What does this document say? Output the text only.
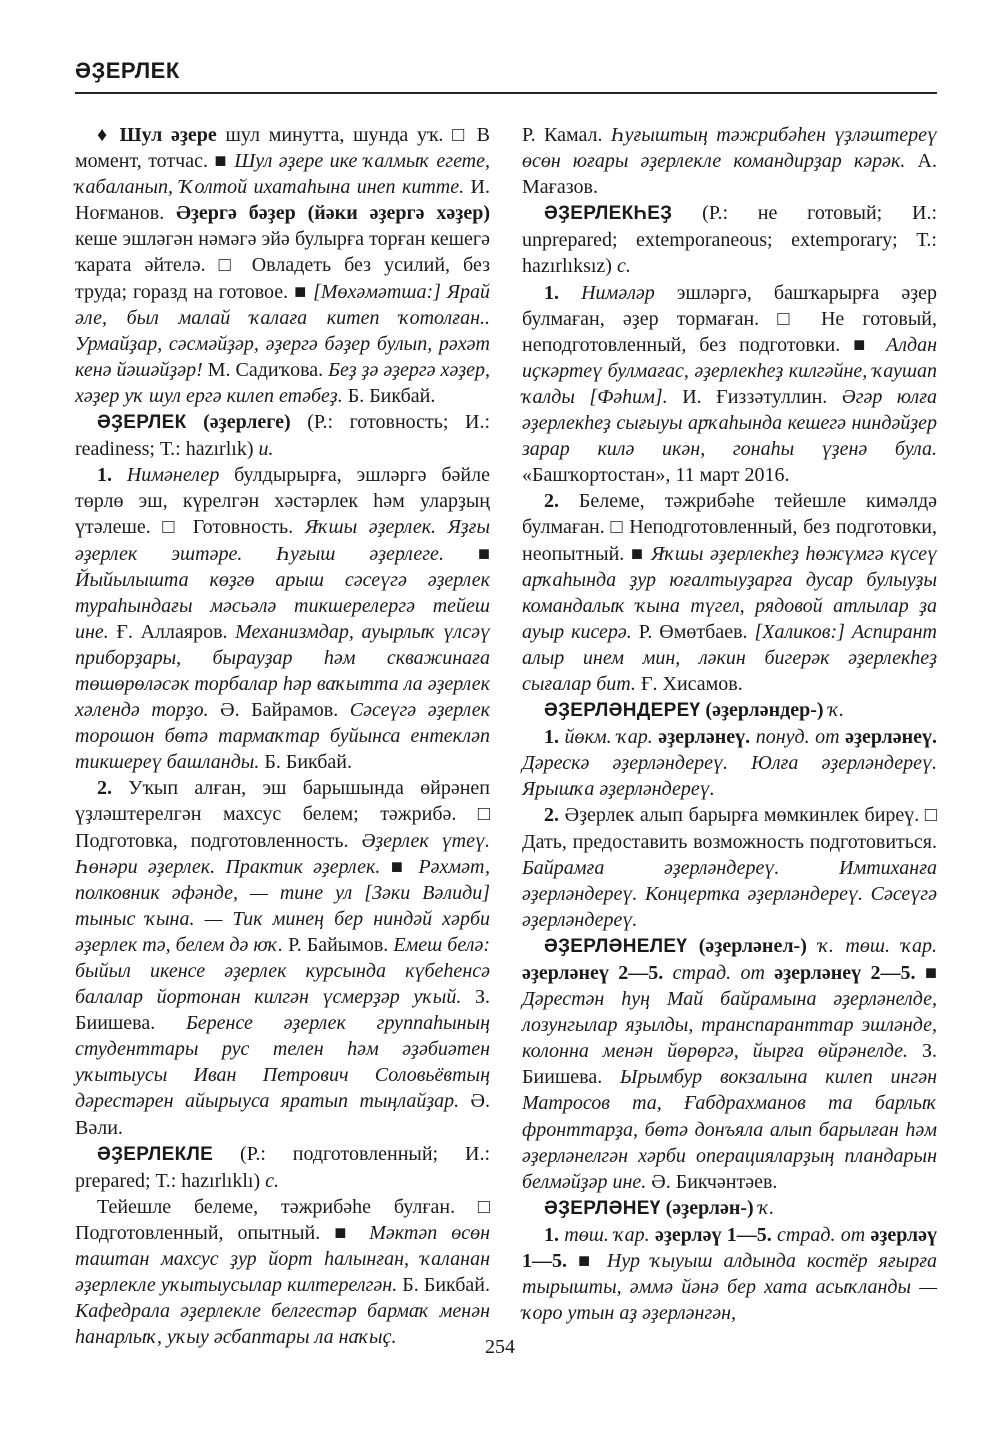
ӘҘЕРЛЕК

♦ Шул әҙере шул минутта, шунда уҡ. □ В момент, тотчас. ■ Шул әҙере ике ҡалмыҡ егете, ҡабаланып, Ҡолтой ихатаһына инеп китте. И. Ноғманов. Әҙергә бәҙер (йәки әҙергә хәҙер) кеше эшләгән нәмәгә эйә булырға торған кешегә ҡарата әйтелә. □ Овладеть без усилий, без труда; горазд на готовое. ■ [Мөхәмәтша:] Ярай әле, был малай ҡалаға китеп ҡотолған.. Урмайҙар, сәсмәйҙәр, әҙергә бәҙер булып, рәхәт кенә йәшәйҙәр! М. Садиҡова. Беҙ ҙә әҙергә хәҙер, хәҙер уҡ шул ергә килеп етәбеҙ. Б. Бикбай.

ӘҘЕРЛЕК (әҙерлеге) (Р.: готовность; И.: readiness; Т.: hazırlık) и.

1. Нимәнелер булдырырға, эшләргә бәйле төрлө эш, күрелгән хәстәрлек һәм уларҙың үтәлеше. □ Готовность. Яҡшы әҙерлек. Яҙғы әҙерлек эштәре. Һуғыш әҙерлеге. ■ Йыйылышта көҙгө арыш сәсеүгә әҙерлек тураһындағы мәсьәлә тикшерелергә тейеш ине. Ғ. Аллаяров. Механизмдар, ауырлыҡ үлсәү приборҙары, бырауҙар һәм скважинаға төшөрөләсәк торбалар һәр ваҡытта ла әҙерлек хәлендә торҙо. Ә. Байрамов. Сәсеүгә әҙерлек торошон бөтә тармаҡтар буйынса ентекләп тикшереү башланды. Б. Бикбай.

2. Уҡып алған, эш барышында өйрәнеп үҙләштерелгән махсус белем; тәжрибә. □ Подготовка, подготовленность. Әҙерлек үтеү. Һөнәри әҙерлек. Практик әҙерлек. ■ Рәхмәт, полковник әфәнде, — тине ул [Зәки Вәлиди] тыныс ҡына. — Тик минең бер ниндәй хәрби әҙерлек тә, белем дә юҡ. Р. Байымов. Емеш белә: быйыл икенсе әҙерлек курсында күбеһенсә балалар йортонан килгән үсмерҙәр уҡый. З. Биишева. Беренсе әҙерлек группаһының студенттары рус телен һәм әҙәбиәтен уҡытыусы Иван Петрович Соловьёвтың дәрестәрен айырыуса яратып тыңлайҙар. Ә. Вәли.

ӘҘЕРЛЕКЛЕ (Р.: подготовленный; И.: prepared; Т.: hazırlıklı) с.

Тейешле белеме, тәжрибәһе булған. □ Подготовленный, опытный. ■ Мәктәп өсөн таштан махсус ҙур йорт һалынған, ҡаланан әҙерлекле уҡытыусылар килтерелгән. Б. Бикбай. Кафедрала әҙерлекле белгестәр бармаҡ менән һанарлыҡ, уҡыу әсбаптары ла наҡыҫ.

Р. Камал. Һуғыштың тәжрибәһен үҙләштереү өсөн юғары әҙерлекле командирҙар кәрәк. А. Мағазов.

ӘҘЕРЛЕКҺЕҘ (Р.: не готовый; И.: unprepared; extemporaneous; extemporary; Т.: hazırlıksız) с.

1. Нимәләр эшләргә, башҡарырға әҙер булмаған, әҙер тормаған. □ Не готовый, неподготовленный, без подготовки. ■ Алдан иҫкәртеү булмағас, әҙерлекһеҙ килгәйне, ҡаушап ҡалды [Фәһим]. И. Ғиззәтуллин. Әгәр юлға әҙерлекһеҙ сығыуы арҡаһында кешегә ниндәйҙер зарар килә икән, гонаһы үҙенә була. «Башҡортостан», 11 март 2016.

2. Белеме, тәжрибәһе тейешле кимәлдә булмаған. □ Неподготовленный, без подготовки, неопытный. ■ Яҡшы әҙерлекһеҙ һөжүмгә күсеү арҡаһында ҙур юғалтыуҙарға дусар булыуҙы командалыҡ ҡына түгел, рядовой атлылар ҙа ауыр кисерә. Р. Өмөтбаев. [Халиков:] Аспирант алыр инем мин, ләкин бигерәк әҙерлекһеҙ сығалар бит. Ғ. Хисамов.

ӘҘЕРЛӘНДЕРЕҮ (әҙерләндер-) ҡ.

1. йөкм. ҡар. әҙерләнеү. понуд. от әҙерләнеү. Дәрескә әҙерләндереү. Юлға әҙерләндереү. Ярышҡа әҙерләндереү.

2. Әҙерлек алып барырға мөмкинлек биреү. □ Дать, предоставить возможность подготовиться. Байрамға әҙерләндереү. Имтиханға әҙерләндереү. Концертка әҙерләндереү. Сәсеүгә әҙерләндереү.

ӘҘЕРЛӘНЕЛЕҮ (әҙерләнел-) ҡ. төш. ҡар. әҙерләнеү 2—5. страд. от әҙерләнеү 2—5. ■ Дәрестән һуң Май байрамына әҙерләнелде, лозунгылар яҙылды, транспаранттар эшләнде, колонна менән йөрөргә, йырға өйрәнелде. З. Биишева. Ырымбур вокзалына килеп ингән Матросов та, Ғабдрахманов та барлыҡ фронттарҙа, бөтә донъяла алып барылған һәм әҙерләнелгән хәрби операцияларҙың пландарын белмәйҙәр ине. Ә. Бикчәнтәев.

ӘҘЕРЛӘНЕҮ (әҙерлән-) ҡ.

1. төш. ҡар. әҙерләү 1—5. страд. от әҙерләү 1—5. ■ Нур ҡыуыш алдында костёр яғырға тырышты, әммә йәнә бер хата асыҡланды — ҡоро утын аҙ әҙерләнгән,

254
